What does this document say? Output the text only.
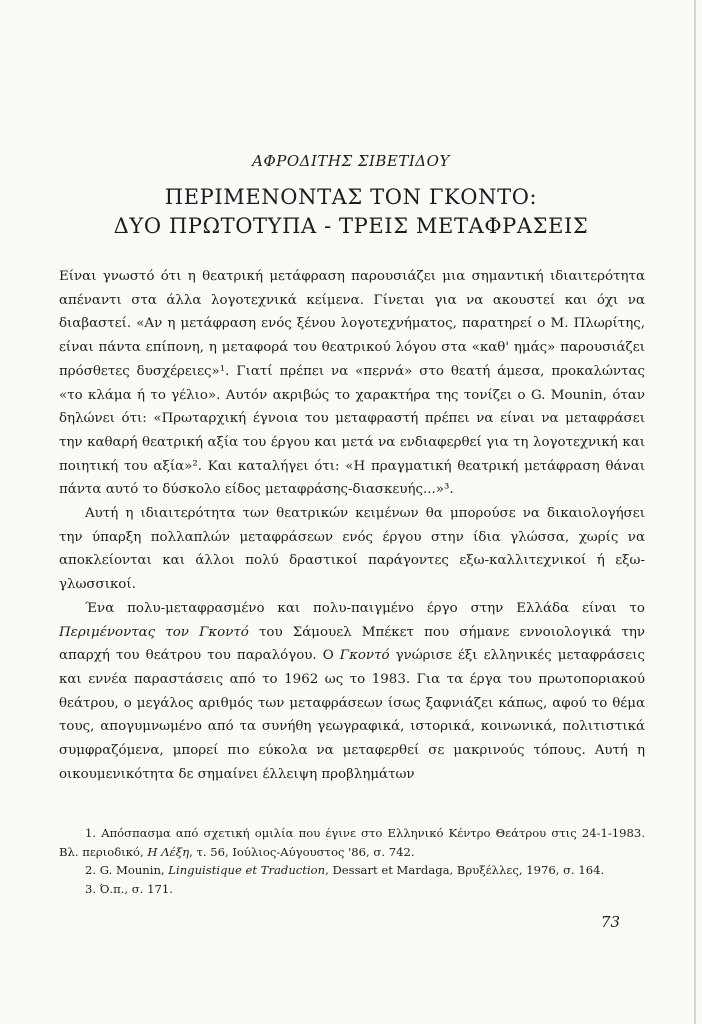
ΑΦΡΟΔΙΤΗΣ ΣΙΒΕΤΙΔΟΥ
ΠΕΡΙΜΕΝΟΝΤΑΣ ΤΟΝ ΓΚΟΝΤΟ:
ΔΥΟ ΠΡΩΤΟΤΥΠΑ - ΤΡΕΙΣ ΜΕΤΑΦΡΑΣΕΙΣ

Είναι γνωστό ότι η θεατρική μετάφραση παρουσιάζει μια σημαντική ιδιαιτερότητα απέναντι στα άλλα λογοτεχνικά κείμενα. Γίνεται για να ακουστεί και όχι να διαβαστεί. «Αν η μετάφραση ενός ξένου λογοτεχνήματος, παρατηρεί ο Μ. Πλωρίτης, είναι πάντα επίπονη, η μεταφορά του θεατρικού λόγου στα «καθ' ημάς» παρουσιάζει πρόσθετες δυσχέρειες»¹. Γιατί πρέπει να «περνά» στο θεατή άμεσα, προκαλώντας «το κλάμα ή το γέλιο». Αυτόν ακριβώς το χαρακτήρα της τονίζει ο G. Mounin, όταν δηλώνει ότι: «Πρωταρχική έγνοια του μεταφραστή πρέπει να είναι να μεταφράσει την καθαρή θεατρική αξία του έργου και μετά να ενδιαφερθεί για τη λογοτεχνική και ποιητική του αξία»². Και καταλήγει ότι: «Η πραγματική θεατρική μετάφραση θάναι πάντα αυτό το δύσκολο είδος μεταφράσης-διασκευής...»³.

Αυτή η ιδιαιτερότητα των θεατρικών κειμένων θα μπορούσε να δικαιολογήσει την ύπαρξη πολλαπλών μεταφράσεων ενός έργου στην ίδια γλώσσα, χωρίς να αποκλείονται και άλλοι πολύ δραστικοί παράγοντες εξω-καλλιτεχνικοί ή εξω-γλωσσικοί.

Ένα πολυ-μεταφρασμένο και πολυ-παιγμένο έργο στην Ελλάδα είναι το Περιμένοντας τον Γκοντό του Σάμουελ Μπέκετ που σήμανε εννοιολογικά την απαρχή του θεάτρου του παραλόγου. Ο Γκοντό γνώρισε έξι ελληνικές μεταφράσεις και εννέα παραστάσεις από το 1962 ως το 1983. Για τα έργα του πρωτοποριακού θεάτρου, ο μεγάλος αριθμός των μεταφράσεων ίσως ξαφνιάζει κάπως, αφού το θέμα τους, απογυμνωμένο από τα συνήθη γεωγραφικά, ιστορικά, κοινωνικά, πολιτιστικά συμφραζόμενα, μπορεί πιο εύκολα να μεταφερθεί σε μακρινούς τόπους. Αυτή η οικουμενικότητα δε σημαίνει έλλειψη προβλημάτων

1. Απόσπασμα από σχετική ομιλία που έγινε στο Ελληνικό Κέντρο Θεάτρου στις 24-1-1983. Βλ. περιοδικό, Η Λέξη, τ. 56, Ιούλιος-Αύγουστος '86, σ. 742.

2. G. Mounin, Linguistique et Traduction, Dessart et Mardaga, Βρυξέλλες, 1976, σ. 164.

3. Ό.π., σ. 171.

73
